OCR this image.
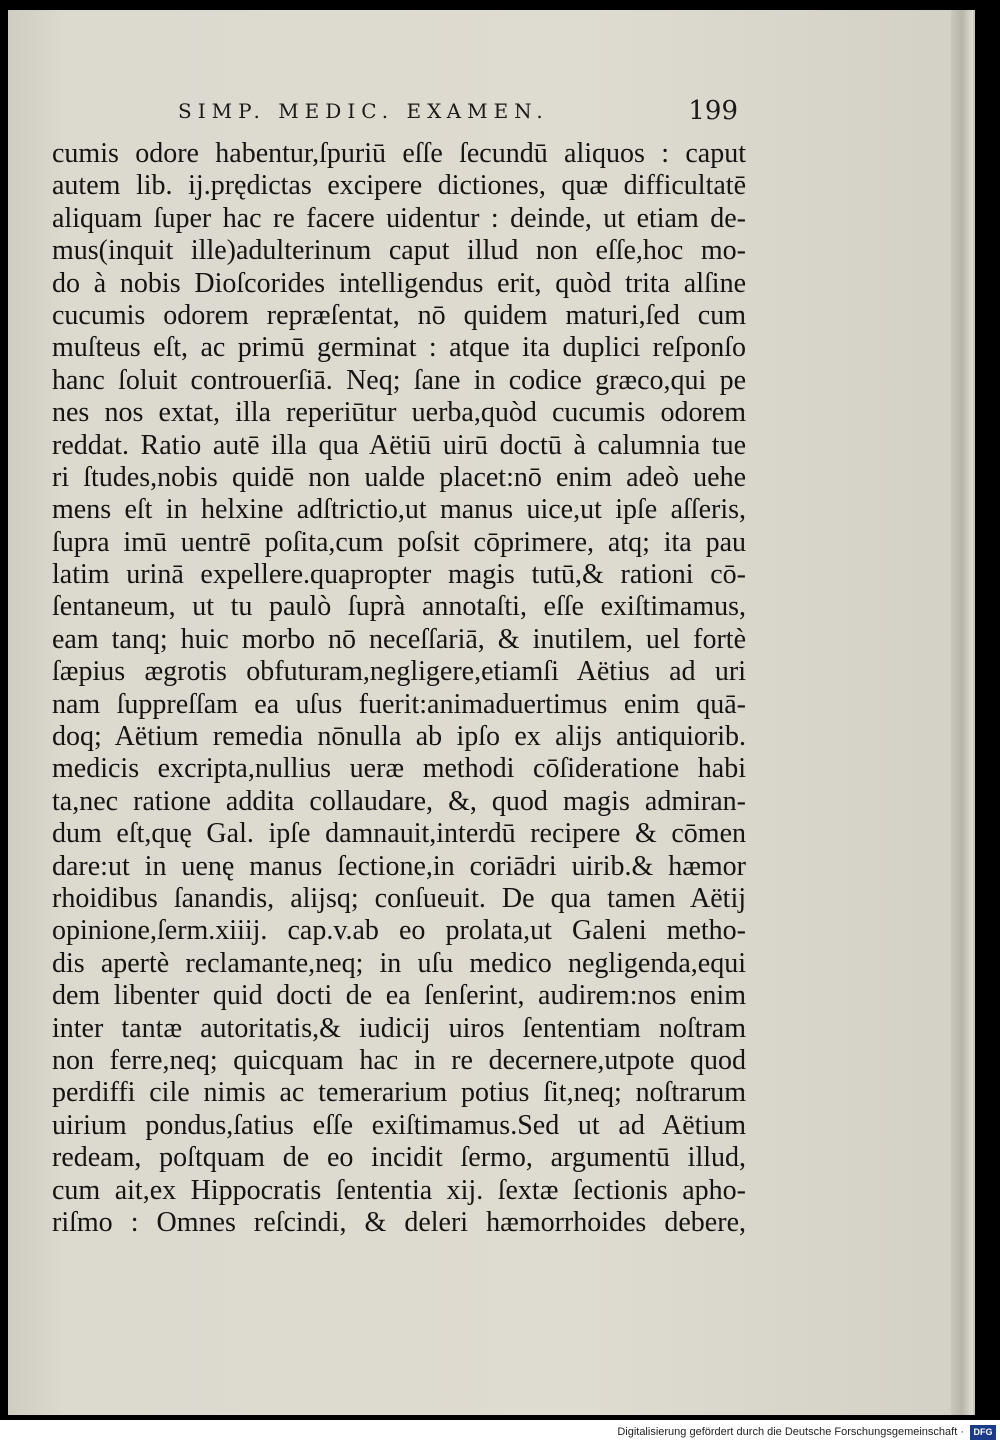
SIMP. MEDIC. EXAMEN.	199
cumis odore habentur,ſpuriū eſſe ſecundū aliquos : caput
autem lib. ij.prędictas excipere dictiones, quæ difficultatē
aliquam ſuper hac re facere uidentur : deinde, ut etiam de-
mus(inquit ille)adulterinum caput illud non eſſe,hoc mo-
do à nobis Dioſcorides intelligendus erit, quòd trita alſine
cucumis odorem repræſentat, nō quidem maturi,ſed cum
muſteus eſt, ac primū germinat : atque ita duplici reſponſo
hanc ſoluit controuerſiā. Neq; ſane in codice græco,qui pe
nes nos extat, illa reperiūtur uerba,quòd cucumis odorem
reddat. Ratio autē illa qua Aëtiū uirū doctū à calumnia tue
ri ſtudes,nobis quidē non ualde placet:nō enim adeò uehe
mens eſt in helxine adſtrictio,ut manus uice,ut ipſe aſſeris,
ſupra imū uentrē poſita,cum poſsit cōprimere, atq; ita pau
latim urinā expellere.quapropter magis tutū,& rationi cō-
ſentaneum, ut tu paulò ſuprà annotaſti, eſſe exiſtimamus,
eam tanq; huic morbo nō neceſſariā, & inutilem, uel fortè
ſæpius ægrotis obfuturam,negligere,etiamſi Aëtius ad uri
nam ſuppreſſam ea uſus fuerit:animaduertimus enim quā-
doq; Aëtium remedia nōnulla ab ipſo ex alijs antiquiorib.
medicis excripta,nullius ueræ methodi cōſideratione habi
ta,nec ratione addita collaudare, &, quod magis admiran-
dum eſt,quę Gal. ipſe damnauit,interdū recipere & cōmen
dare:ut in uenę manus ſectione,in coriādri uirib.& hæmor
rhoidibus ſanandis, alijsq; conſueuit. De qua tamen Aëtij
opinione,ſerm.xiiij. cap.v.ab eo prolata,ut Galeni metho-
dis apertè reclamante,neq; in uſu medico negligenda,equi
dem libenter quid docti de ea ſenſerint, audirem:nos enim
inter tantæ autoritatis,& iudicij uiros ſententiam noſtram
non ferre,neq; quicquam hac in re decernere,utpote quod
perdiffi cile nimis ac temerarium potius ſit,neq; noſtrarum
uirium pondus,ſatius eſſe exiſtimamus.Sed ut ad Aëtium
redeam, poſtquam de eo incidit ſermo, argumentū illud,
cum ait,ex Hippocratis ſententia xij. ſextæ ſectionis apho-
riſmo : Omnes reſcindi, & deleri hæmorrhoides debere,
Digitalisierung gefördert durch die Deutsche Forschungsgemeinschaft ·	DFG
